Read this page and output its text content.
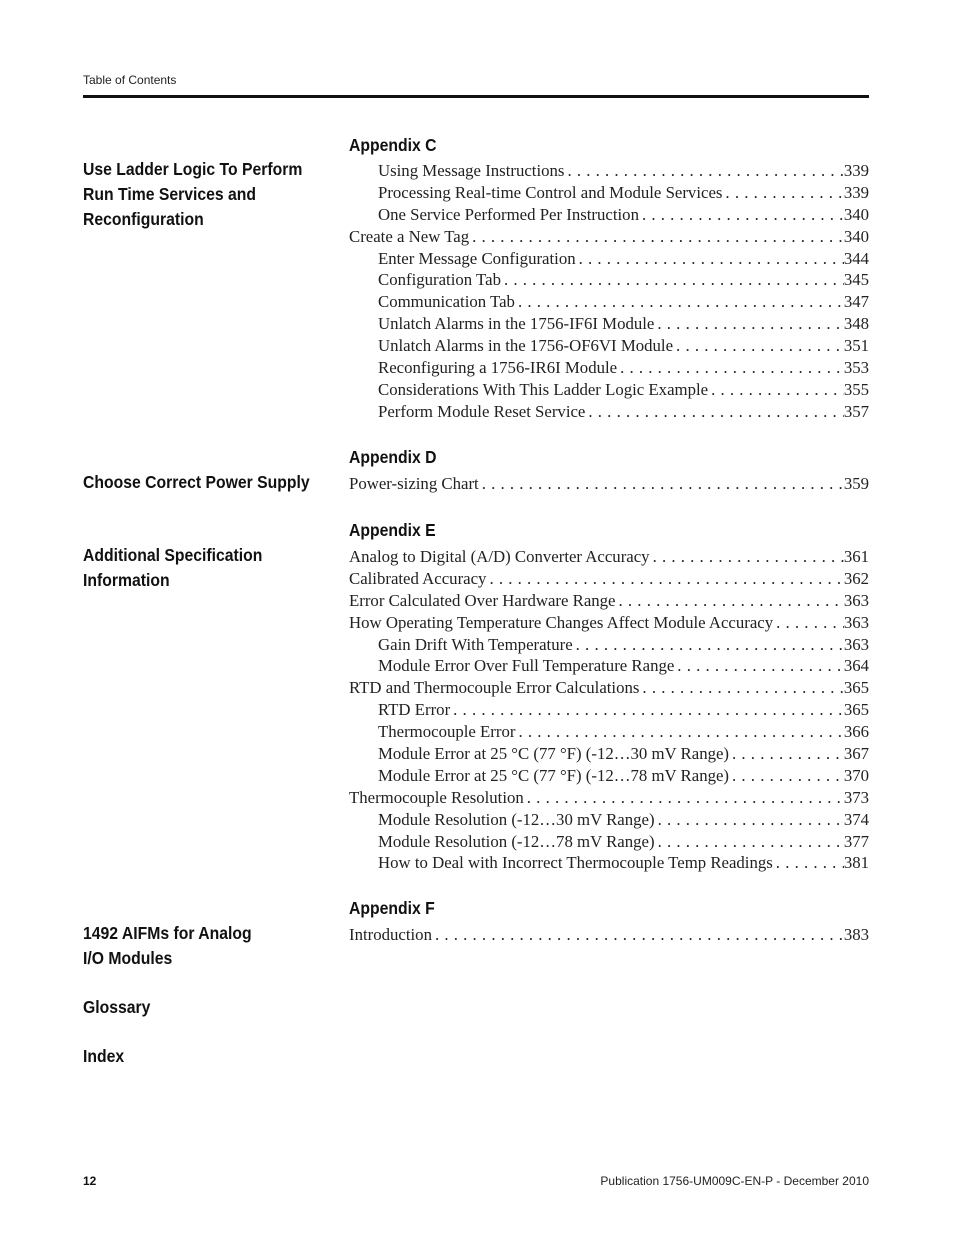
Table of Contents
Appendix C
Use Ladder Logic To Perform
Run Time Services and
Reconfiguration
Using Message Instructions . . .	339
Processing Real-time Control and Module Services . . .	339
One Service Performed Per Instruction . . .	340
Create a New Tag . . .	340
Enter Message Configuration . . .	344
Configuration Tab . . .	345
Communication Tab . . .	347
Unlatch Alarms in the 1756-IF6I Module . . .	348
Unlatch Alarms in the 1756-OF6VI Module . . .	351
Reconfiguring a 1756-IR6I Module . . .	353
Considerations With This Ladder Logic Example . . .	355
Perform Module Reset Service . . .	357
Appendix D
Choose Correct Power Supply Power-sizing Chart . . .	359
Appendix E
Additional Specification
Information
Analog to Digital (A/D) Converter Accuracy . . .	361
Calibrated Accuracy . . .	362
Error Calculated Over Hardware Range . . .	363
How Operating Temperature Changes Affect Module Accuracy . . .	363
Gain Drift With Temperature . . .	363
Module Error Over Full Temperature Range . . .	364
RTD and Thermocouple Error Calculations . . .	365
RTD Error . . .	365
Thermocouple Error . . .	366
Module Error at 25 °C (77 °F) (-12…30 mV Range) . . .	367
Module Error at 25 °C (77 °F) (-12…78 mV Range) . . .	370
Thermocouple Resolution . . .	373
Module Resolution (-12…30 mV Range) . . .	374
Module Resolution (-12…78 mV Range) . . .	377
How to Deal with Incorrect Thermocouple Temp Readings . . .	381
Appendix F
1492 AIFMs for Analog
I/O Modules
Introduction . . .	383
Glossary
Index
12	Publication 1756-UM009C-EN-P - December 2010
